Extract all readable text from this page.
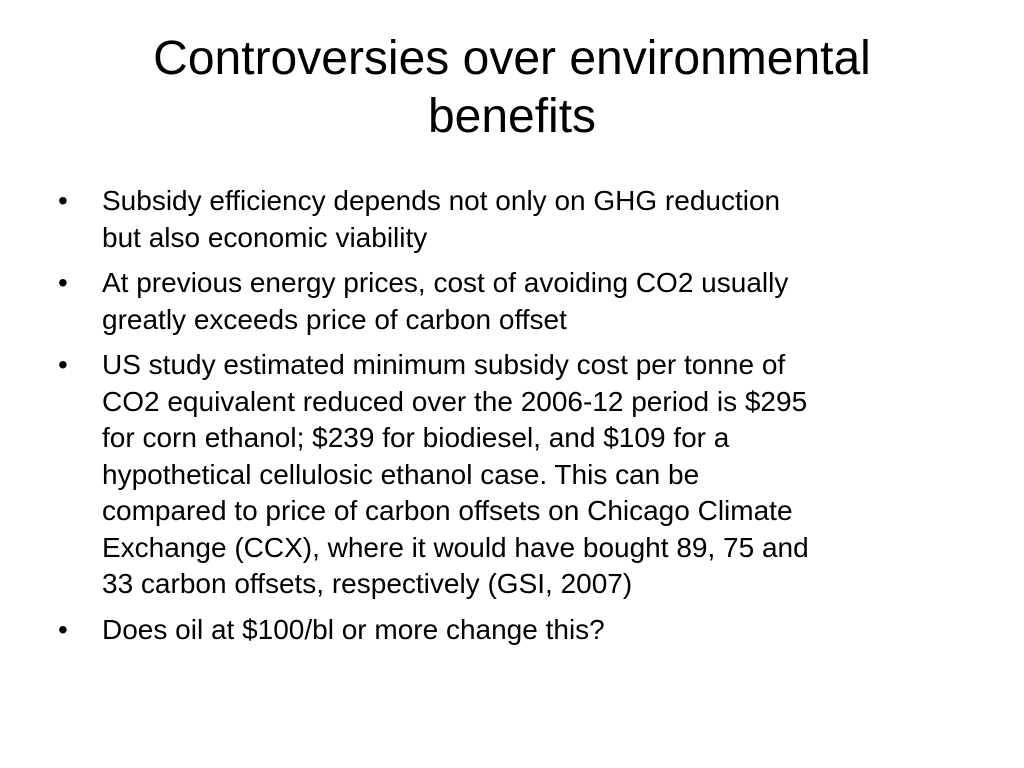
Controversies over environmental
benefits
• Subsidy efficiency depends not only on GHG reduction
but also economic viability
• At previous energy prices, cost of avoiding CO2 usually
greatly exceeds price of carbon offset
• US study estimated minimum subsidy cost per tonne of
CO2 equivalent reduced over the 2006-12 period is $295
for corn ethanol; $239 for biodiesel, and $109 for a
hypothetical cellulosic ethanol case. This can be
compared to price of carbon offsets on Chicago Climate
Exchange (CCX), where it would have bought 89, 75 and
33 carbon offsets, respectively (GSI, 2007)
• Does oil at $100/bl or more change this?
